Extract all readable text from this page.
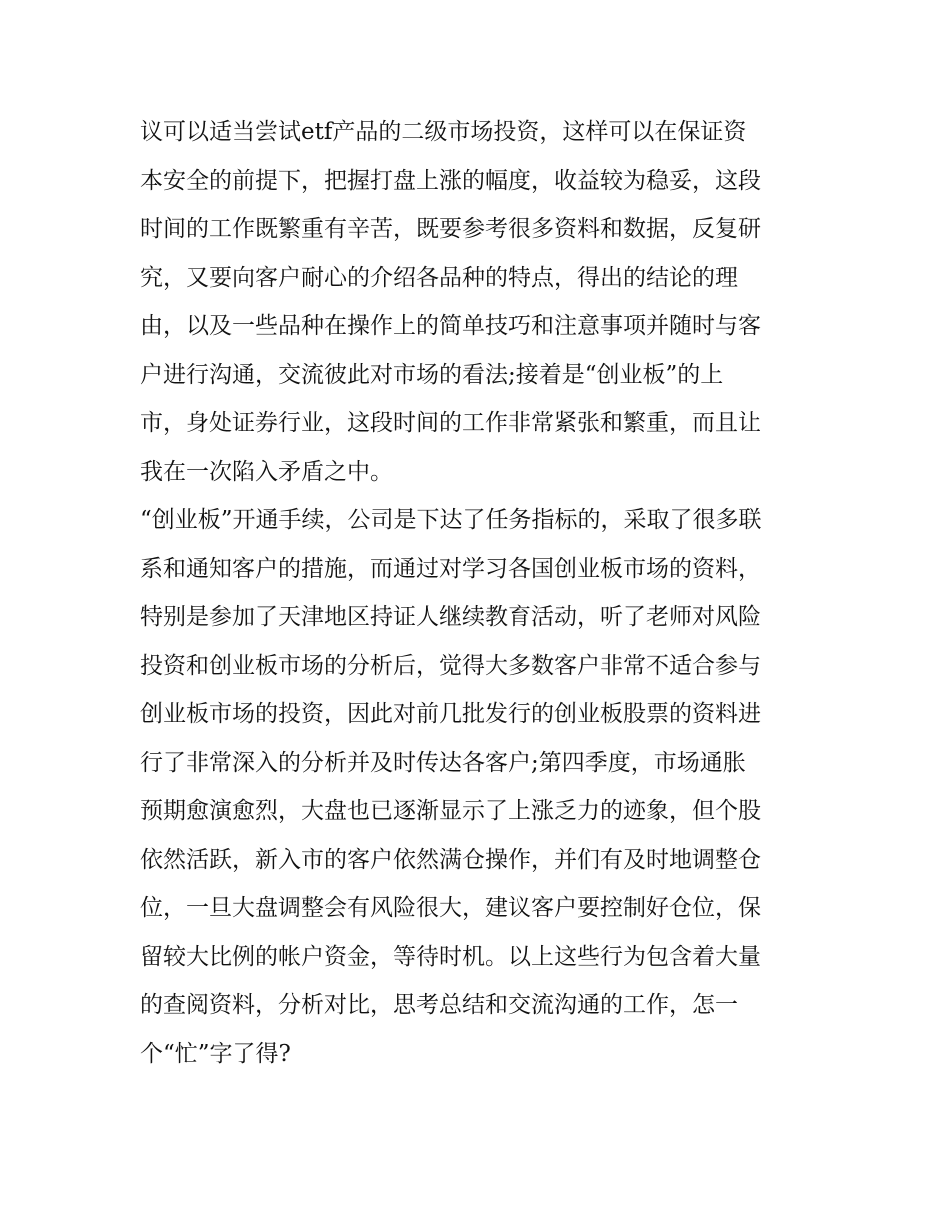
议可以适当尝试etf产品的二级市场投资，这样可以在保证资
本安全的前提下，把握打盘上涨的幅度，收益较为稳妥，这段
时间的工作既繁重有辛苦，既要参考很多资料和数据，反复研
究，又要向客户耐心的介绍各品种的特点，得出的结论的理
由，以及一些品种在操作上的简单技巧和注意事项并随时与客
户进行沟通，交流彼此对市场的看法;接着是“创业板”的上
市，身处证券行业，这段时间的工作非常紧张和繁重，而且让
我在一次陷入矛盾之中。
“创业板”开通手续，公司是下达了任务指标的，采取了很多联
系和通知客户的措施，而通过对学习各国创业板市场的资料，
特别是参加了天津地区持证人继续教育活动，听了老师对风险
投资和创业板市场的分析后，觉得大多数客户非常不适合参与
创业板市场的投资，因此对前几批发行的创业板股票的资料进
行了非常深入的分析并及时传达各客户;第四季度，市场通胀
预期愈演愈烈，大盘也已逐渐显示了上涨乏力的迹象，但个股
依然活跃，新入市的客户依然满仓操作，并们有及时地调整仓
位，一旦大盘调整会有风险很大，建议客户要控制好仓位，保
留较大比例的帐户资金，等待时机。以上这些行为包含着大量
的查阅资料，分析对比，思考总结和交流沟通的工作，怎一
个“忙”字了得?
